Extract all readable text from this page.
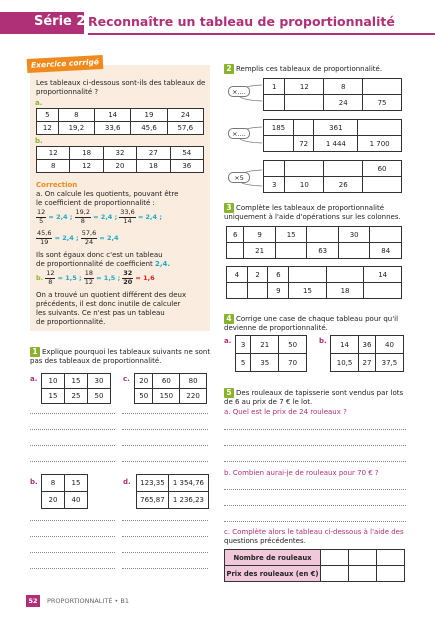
Série 2 Reconnaître un tableau de proportionnalité
Exercice corrigé
Les tableaux ci-dessous sont-ils des tableaux de proportionnalité ?
a.
5	8	14	19	24
12	19,2	33,6	45,6	57,6
b.
12	18	32	27	54
8	12	20	18	36
Correction
a. On calcule les quotients, pouvant être
le coefficient de proportionnalité :
$\frac{12}{5} = 2,4$ ; $\frac{19,2}{8} = 2,4$ ; $\frac{33,6}{14} = 2,4$ ;
$\frac{45,6}{19} = 2,4$ ; $\frac{57,6}{24} = 2,4$
Ils sont égaux donc c'est un tableau
de proportionnalité de coefficient 2,4.
b. $\frac{12}{8} = 1,5$ ; $\frac{18}{12} = 1,5$ ; $\frac{32}{20} = 1,6$
On a trouvé un quotient différent des deux
précédents, il est donc inutile de calculer
les suivants. Ce n'est pas un tableau
de proportionnalité.
1 Explique pourquoi les tableaux suivants ne sont
pas des tableaux de proportionnalité.
a. 10	15	30
15	25	50
c. 20	60	80
50	150	220
b. 8	15
20	40
d. 123,35	1 354,76
765,87	1 236,23
2 Remplis ces tableaux de proportionnalité.
×....
×....
×5
1	12	8	
		24	75
185		361	
	72	1 444	1 700
			60
3	10	26	
3 Complète les tableaux de proportionnalité
uniquement à l'aide d'opérations sur les colonnes.
6	9	15		30	
	21		63		84
4	2	6			14
		9	15	18	
4 Corrige une case de chaque tableau pour qu'il
devienne de proportionnalité.
a. 3	21	50
5	35	70
b. 14	36	40
10,5	27	37,5
5 Des rouleaux de tapisserie sont vendus par lots
de 6 au prix de 7 € le lot.
a. Quel est le prix de 24 rouleaux ?
b. Combien aurai-je de rouleaux pour 70 € ?
c. Complète alors le tableau ci-dessous à l'aide des
questions précédentes.
Nombre de rouleaux			
Prix des rouleaux (en €)			
52	PROPORTIONNALITÉ • B1
